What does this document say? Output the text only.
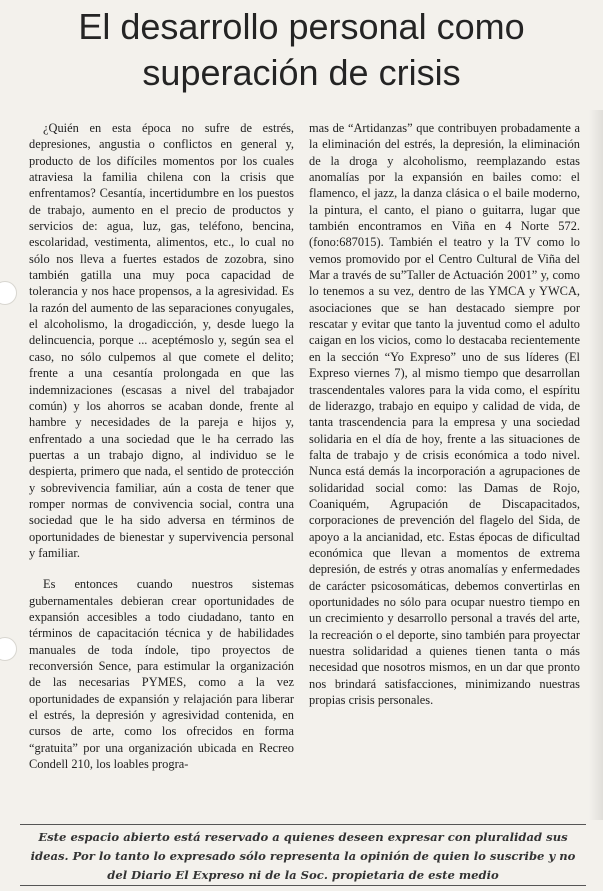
El desarrollo personal como
superación de crisis

¿Quién en esta época no sufre de estrés, depresiones, angustia o conflictos en general y, producto de los difíciles momentos por los cuales atraviesa la familia chilena con la crisis que enfrentamos? Cesantía, incertidumbre en los puestos de trabajo, aumento en el precio de productos y servicios de: agua, luz, gas, teléfono, bencina, escolaridad, vestimenta, alimentos, etc., lo cual no sólo nos lleva a fuertes estados de zozobra, sino también gatilla una muy poca capacidad de tolerancia y nos hace propensos, a la agresividad. Es la razón del aumento de las separaciones conyugales, el alcoholismo, la drogadicción, y, desde luego la delincuencia, porque ... aceptémoslo y, según sea el caso, no sólo culpemos al que comete el delito; frente a una cesantía prolongada en que las indemnizaciones (escasas a nivel del trabajador común) y los ahorros se acaban donde, frente al hambre y necesidades de la pareja e hijos y, enfrentado a una sociedad que le ha cerrado las puertas a un trabajo digno, al individuo se le despierta, primero que nada, el sentido de protección y sobrevivencia familiar, aún a costa de tener que romper normas de convivencia social, contra una sociedad que le ha sido adversa en términos de oportunidades de bienestar y supervivencia personal y familiar.

Es entonces cuando nuestros sistemas gubernamentales debieran crear oportunidades de expansión accesibles a todo ciudadano, tanto en términos de capacitación técnica y de habilidades manuales de toda índole, tipo proyectos de reconversión Sence, para estimular la organización de las necesarias PYMES, como a la vez oportunidades de expansión y relajación para liberar el estrés, la depresión y agresividad contenida, en cursos de arte, como los ofrecidos en forma “gratuita” por una organización ubicada en Recreo Condell 210, los loables progra-

mas de “Artidanzas” que contribuyen probadamente a la eliminación del estrés, la depresión, la eliminación de la droga y alcoholismo, reemplazando estas anomalías por la expansión en bailes como: el flamenco, el jazz, la danza clásica o el baile moderno, la pintura, el canto, el piano o guitarra, lugar que también encontramos en Viña en 4 Norte 572. (fono:687015). También el teatro y la TV como lo vemos promovido por el Centro Cultural de Viña del Mar a través de su”Taller de Actuación 2001” y, como lo tenemos a su vez, dentro de las YMCA y YWCA, asociaciones que se han destacado siempre por rescatar y evitar que tanto la juventud como el adulto caigan en los vicios, como lo destacaba recientemente en la sección “Yo Expreso” uno de sus líderes (El Expreso viernes 7), al mismo tiempo que desarrollan trascendentales valores para la vida como, el espíritu de liderazgo, trabajo en equipo y calidad de vida, de tanta trascendencia para la empresa y una sociedad solidaria en el día de hoy, frente a las situaciones de falta de trabajo y de crisis económica a todo nivel. Nunca está demás la incorporación a agrupaciones de solidaridad social como: las Damas de Rojo, Coaniquém, Agrupación de Discapacitados, corporaciones de prevención del flagelo del Sida, de apoyo a la ancianidad, etc. Estas épocas de dificultad económica que llevan a momentos de extrema depresión, de estrés y otras anomalías y enfermedades de carácter psicosomáticas, debemos convertirlas en oportunidades no sólo para ocupar nuestro tiempo en un crecimiento y desarrollo personal a través del arte, la recreación o el deporte, sino también para proyectar nuestra solidaridad a quienes tienen tanta o más necesidad que nosotros mismos, en un dar que pronto nos brindará satisfacciones, minimizando nuestras propias crisis personales.

Este espacio abierto está reservado a quienes deseen expresar con pluralidad sus
ideas. Por lo tanto lo expresado sólo representa la opinión de quien lo suscribe y no
del Diario El Expreso ni de la Soc. propietaria de este medio
